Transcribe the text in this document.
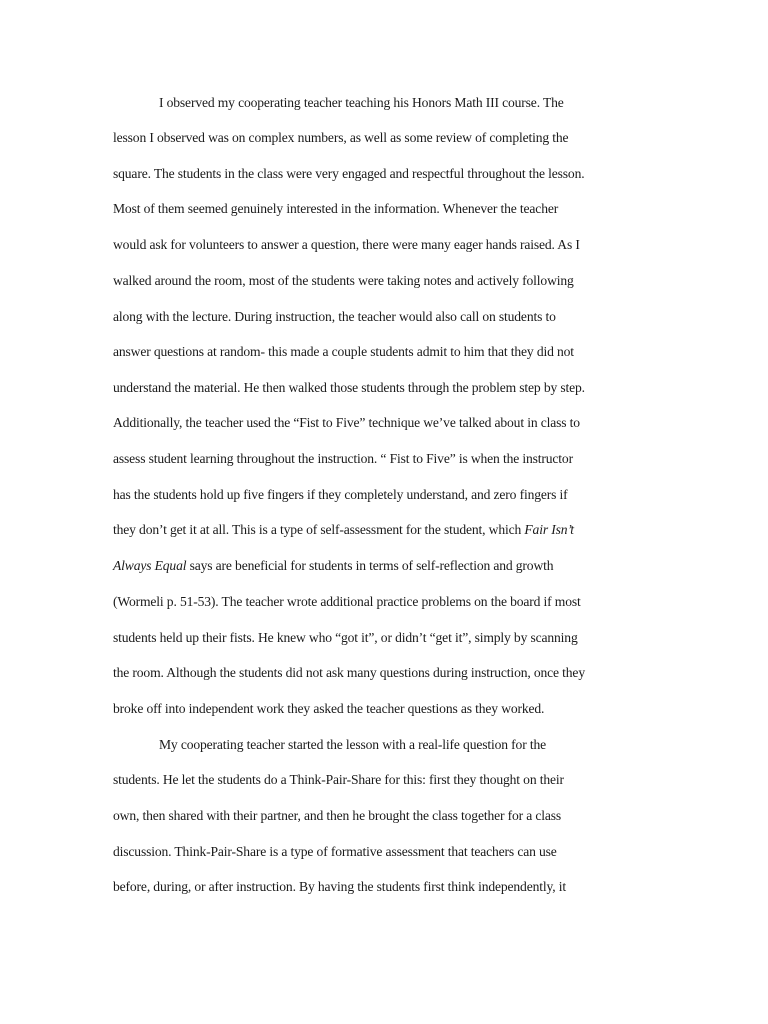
I observed my cooperating teacher teaching his Honors Math III course. The
lesson I observed was on complex numbers, as well as some review of completing the
square. The students in the class were very engaged and respectful throughout the lesson.
Most of them seemed genuinely interested in the information. Whenever the teacher
would ask for volunteers to answer a question, there were many eager hands raised. As I
walked around the room, most of the students were taking notes and actively following
along with the lecture. During instruction, the teacher would also call on students to
answer questions at random- this made a couple students admit to him that they did not
understand the material. He then walked those students through the problem step by step.
Additionally, the teacher used the “Fist to Five” technique we’ve talked about in class to
assess student learning throughout the instruction. “ Fist to Five” is when the instructor
has the students hold up five fingers if they completely understand, and zero fingers if
they don’t get it at all. This is a type of self-assessment for the student, which Fair Isn’t
Always Equal says are beneficial for students in terms of self-reflection and growth
(Wormeli p. 51-53). The teacher wrote additional practice problems on the board if most
students held up their fists. He knew who “got it”, or didn’t “get it”, simply by scanning
the room. Although the students did not ask many questions during instruction, once they
broke off into independent work they asked the teacher questions as they worked.
My cooperating teacher started the lesson with a real-life question for the
students. He let the students do a Think-Pair-Share for this: first they thought on their
own, then shared with their partner, and then he brought the class together for a class
discussion. Think-Pair-Share is a type of formative assessment that teachers can use
before, during, or after instruction. By having the students first think independently, it
